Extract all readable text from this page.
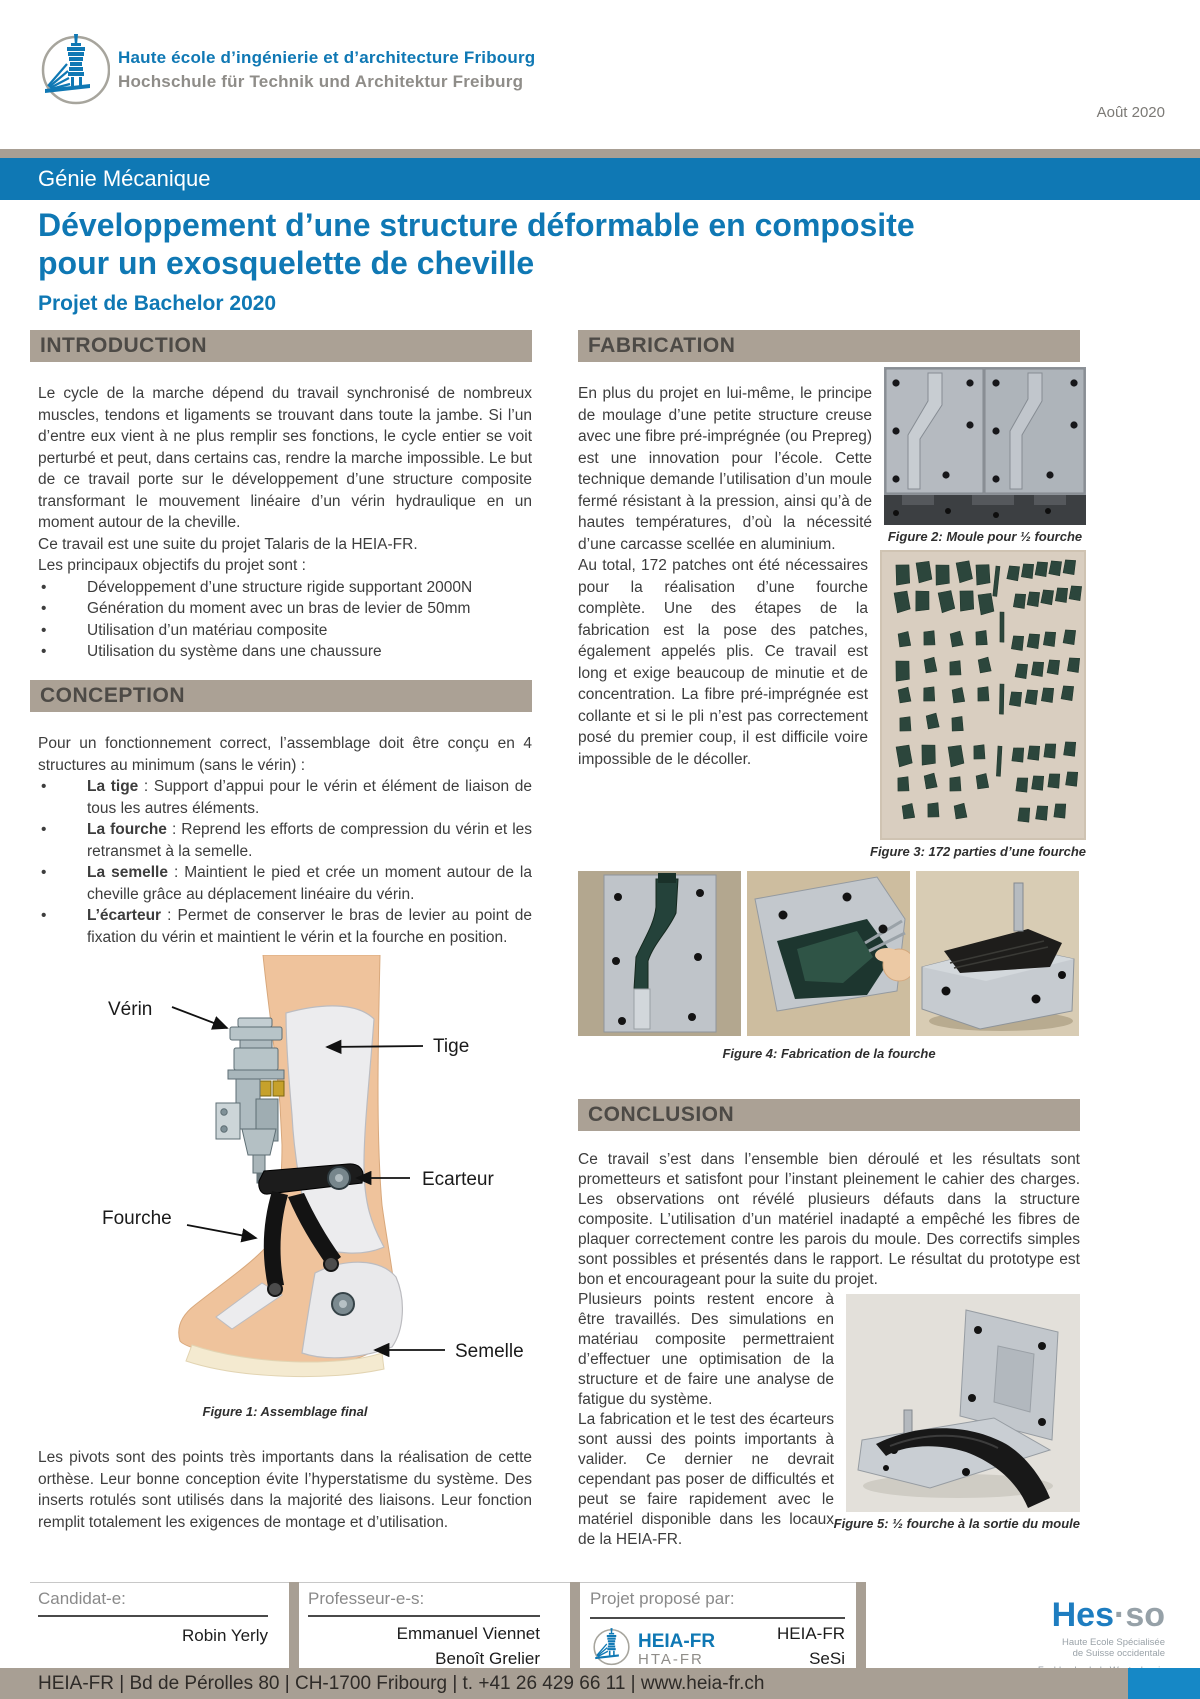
Haute école d’ingénierie et d’architecture Fribourg
Hochschule für Technik und Architektur Freiburg
Août 2020
Génie Mécanique
Développement d’une structure déformable en composite
pour un exosquelette de cheville
Projet de Bachelor 2020
INTRODUCTION
Le cycle de la marche dépend du travail synchronisé de nombreux muscles, tendons et ligaments se trouvant dans toute la jambe. Si l’un d’entre eux vient à ne plus remplir ses fonctions, le cycle entier se voit perturbé et peut, dans certains cas, rendre la marche impossible. Le but de ce travail porte sur le développement d’une structure composite transformant le mouvement linéaire d’un vérin hydraulique en un moment autour de la cheville.
Ce travail est une suite du projet Talaris de la HEIA-FR.
Les principaux objectifs du projet sont :
•	Développement d’une structure rigide supportant 2000N
•	Génération du moment avec un bras de levier de 50mm
•	Utilisation d’un matériau composite
•	Utilisation du système dans une chaussure
CONCEPTION
Pour un fonctionnement correct, l’assemblage doit être conçu en 4 structures au minimum (sans le vérin) :
•	La tige : Support d’appui pour le vérin et élément de liaison de tous les autres éléments.
•	La fourche : Reprend les efforts de compression du vérin et les retransmet à la semelle.
•	La semelle : Maintient le pied et crée un moment autour de la cheville grâce au déplacement linéaire du vérin.
•	L’écarteur : Permet de conserver le bras de levier au point de fixation du vérin et maintient le vérin et la fourche en position.
Vérin
Tige
Ecarteur
Fourche
Semelle
Figure 1: Assemblage final
Les pivots sont des points très importants dans la réalisation de cette orthèse. Leur bonne conception évite l’hyperstatisme du système. Des inserts rotulés sont utilisés dans la majorité des liaisons. Leur fonction remplit totalement les exigences de montage et d’utilisation.
FABRICATION
Figure 2: Moule pour ½ fourche
Figure 3: 172 parties d’une fourche
En plus du projet en lui-même, le principe de moulage d’une petite structure creuse avec une fibre pré-imprégnée (ou Prepreg) est une innovation pour l’école. Cette technique demande l’utilisation d’un moule fermé résistant à la pression, ainsi qu’à de hautes températures, d’où la nécessité d’une carcasse scellée en aluminium.
Au total, 172 patches ont été nécessaires pour la réalisation d’une fourche complète. Une des étapes de la fabrication est la pose des patches, également appelés plis. Ce travail est long et exige beaucoup de minutie et de concentration. La fibre pré-imprégnée est collante et si le pli n’est pas correctement posé du premier coup, il est difficile voire impossible de le décoller.

Figure 4: Fabrication de la fourche
CONCLUSION
Ce travail s’est dans l’ensemble bien déroulé et les résultats sont prometteurs et satisfont pour l’instant pleinement le cahier des charges. Les observations ont révélé plusieurs défauts dans la structure composite. L’utilisation d’un matériel inadapté a empêché les fibres de plaquer correctement contre les parois du moule. Des correctifs simples sont possibles et présentés dans le rapport. Le résultat du prototype est bon et encourageant pour la suite du projet.
Figure 5: ½ fourche à la sortie du moule
Plusieurs points restent encore à être travaillés. Des simulations en matériau composite permettraient d’effectuer une optimisation de la structure et de faire une analyse de fatigue du système.
La fabrication et le test des écarteurs sont aussi des points importants à valider. Ce dernier ne devrait cependant pas poser de difficultés et peut se faire rapidement avec le matériel disponible dans les locaux de la HEIA-FR.
Candidat-e:
Robin Yerly
Professeur-e-s:
Emmanuel Viennet
Benoît Grelier
Projet proposé par:
HEIA-FR
HTA-FR
HEIA-FR
SeSi
Hes·so
Haute Ecole Spécialisée
de Suisse occidentale
HEIA-FR | Bd de Pérolles 80 | CH-1700 Fribourg | t. +41 26 429 66 11 | www.heia-fr.ch
